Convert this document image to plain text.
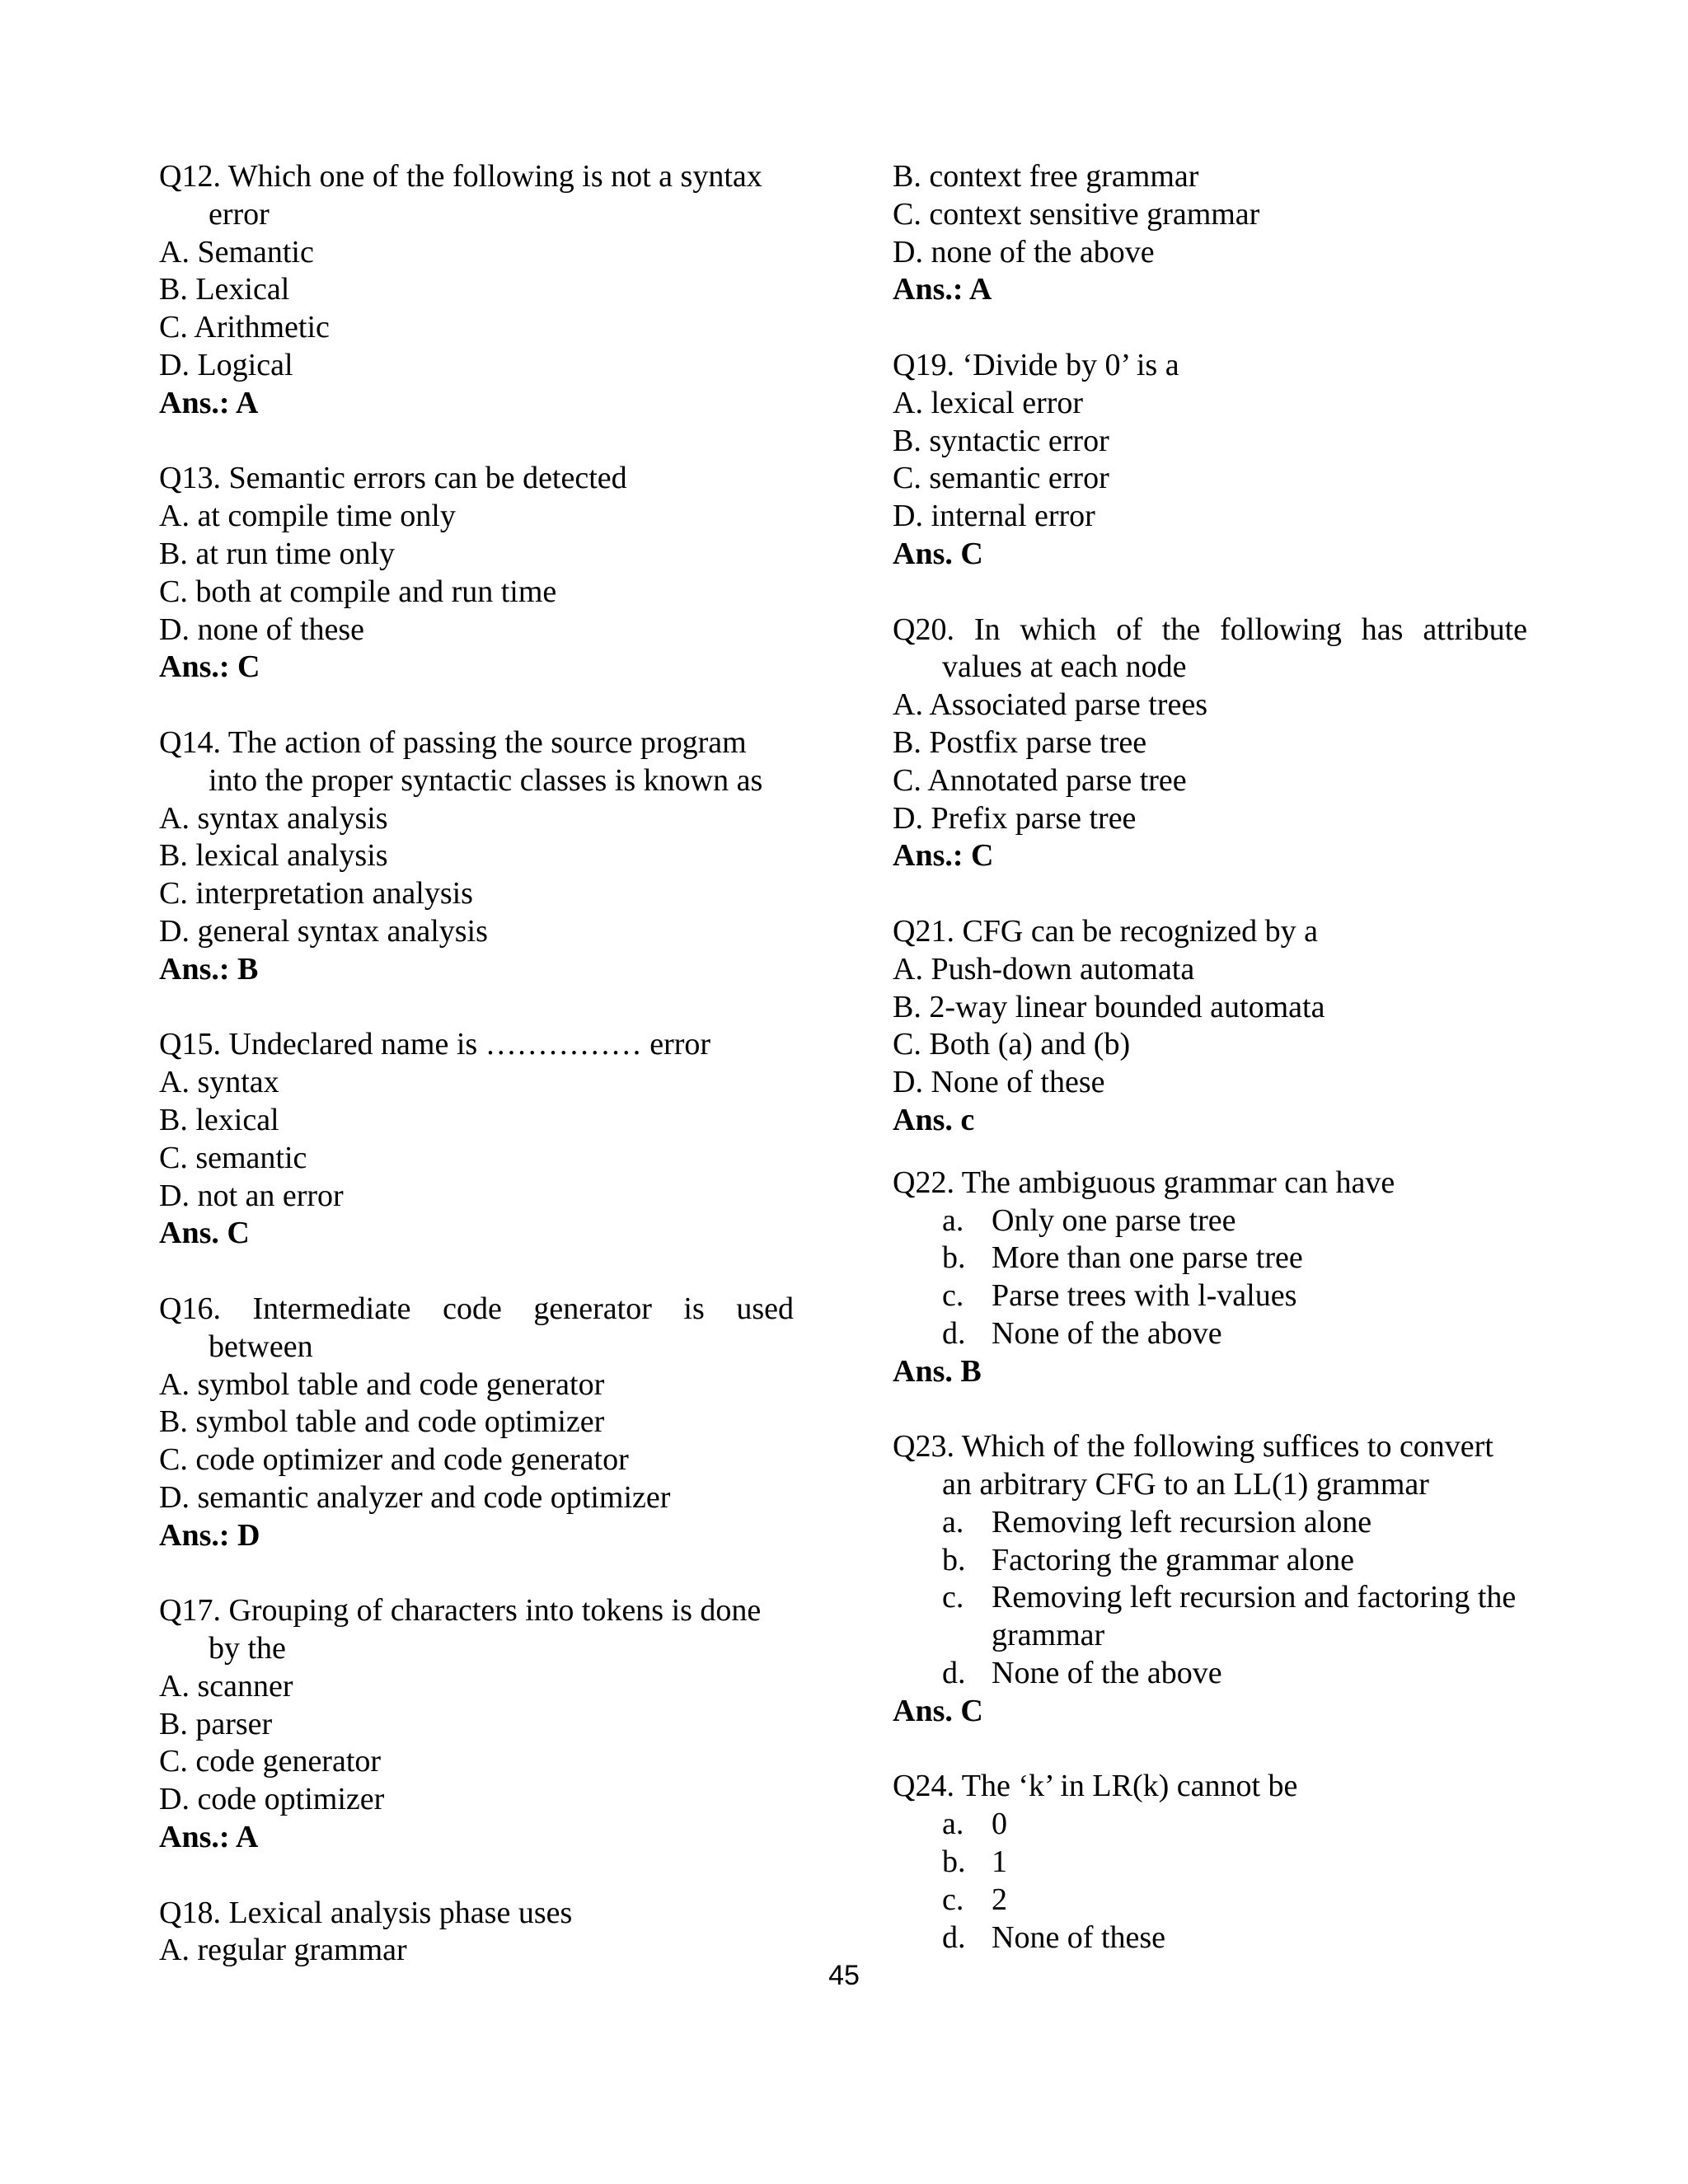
Q12. Which one of the following is not a syntax error
A. Semantic
B. Lexical
C. Arithmetic
D. Logical
Ans.: A
Q13. Semantic errors can be detected
A. at compile time only
B. at run time only
C. both at compile and run time
D. none of these
Ans.: C
Q14. The action of passing the source program into the proper syntactic classes is known as
A. syntax analysis
B. lexical analysis
C. interpretation analysis
D. general syntax analysis
Ans.: B
Q15. Undeclared name is …………… error
A. syntax
B. lexical
C. semantic
D. not an error
Ans. C
Q16. Intermediate code generator is used
between
A. symbol table and code generator
B. symbol table and code optimizer
C. code optimizer and code generator
D. semantic analyzer and code optimizer
Ans.: D
Q17. Grouping of characters into tokens is done by the
A. scanner
B. parser
C. code generator
D. code optimizer
Ans.: A
Q18. Lexical analysis phase uses
A. regular grammar
B. context free grammar
C. context sensitive grammar
D. none of the above
Ans.: A
Q19. ‘Divide by 0’ is a
A. lexical error
B. syntactic error
C. semantic error
D. internal error
Ans. C
Q20. In which of the following has attribute
values at each node
A. Associated parse trees
B. Postfix parse tree
C. Annotated parse tree
D. Prefix parse tree
Ans.: C
Q21. CFG can be recognized by a
A. Push-down automata
B. 2-way linear bounded automata
C. Both (a) and (b)
D. None of these
Ans. c
Q22. The ambiguous grammar can have
a. Only one parse tree
b. More than one parse tree
c. Parse trees with l-values
d. None of the above
Ans. B
Q23. Which of the following suffices to convert an arbitrary CFG to an LL(1) grammar
a. Removing left recursion alone
b. Factoring the grammar alone
c. Removing left recursion and factoring the grammar
d. None of the above
Ans. C
Q24. The ‘k’ in LR(k) cannot be
a. 0
b. 1
c. 2
d. None of these
45
